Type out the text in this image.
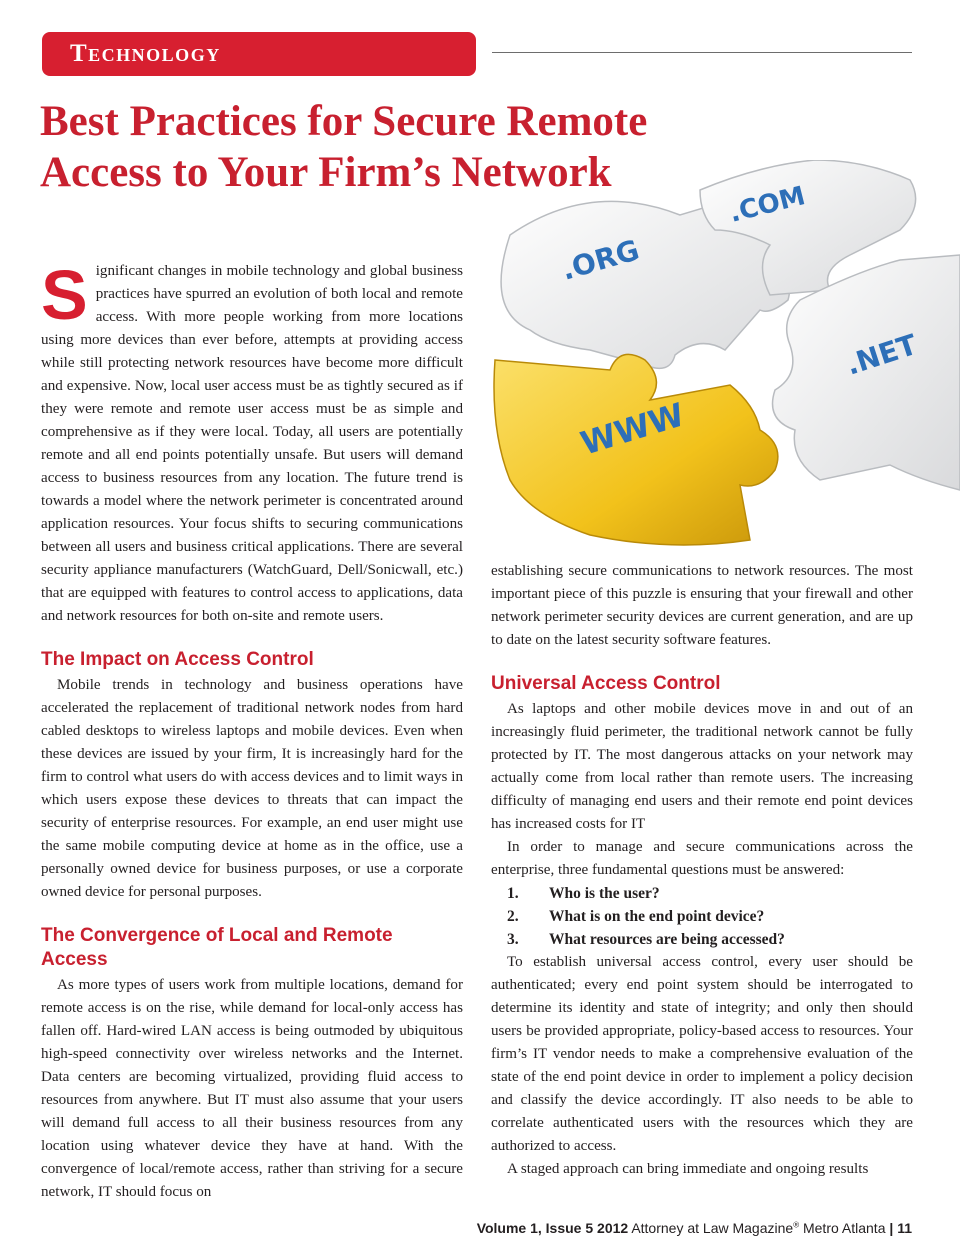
Technology
Best Practices for Secure Remote
Access to Your Firm’s Network
.ORG
.COM
.NET
WWW

Significant changes in mobile technology and global business practices have spurred an evolution of both local and remote access. With more people working from more locations using more devices than ever before, attempts at providing access while still protecting network resources have become more difficult and expensive. Now, local user access must be as tightly secured as if they were remote and remote user access must be as simple and comprehensive as if they were local. Today, all users are potentially remote and all end points potentially unsafe. But users will demand access to business resources from any location. The future trend is towards a model where the network perimeter is concentrated around application resources. Your focus shifts to securing communications between all users and business critical applications. There are several security appliance manufacturers (WatchGuard, Dell/Sonicwall, etc.) that are equipped with features to control access to applications, data and network resources for both on-site and remote users.

The Impact on Access Control

Mobile trends in technology and business operations have accelerated the replacement of traditional network nodes from hard cabled desktops to wireless laptops and mobile devices. Even when these devices are issued by your firm, It is increasingly hard for the firm to control what users do with access devices and to limit ways in which users expose these devices to threats that can impact the security of enterprise resources. For example, an end user might use the same mobile computing device at home as in the office, use a personally owned device for business purposes, or use a corporate owned device for personal purposes.

The Convergence of Local and Remote Access

As more types of users work from multiple locations, demand for remote access is on the rise, while demand for local-only access has fallen off. Hard-wired LAN access is being outmoded by ubiquitous high-speed connectivity over wireless networks and the Internet. Data centers are becoming virtualized, providing fluid access to resources from anywhere. But IT must also assume that your users will demand full access to all their business resources from any location using whatever device they have at hand. With the convergence of local/remote access, rather than striving for a secure network, IT should focus on

establishing secure communications to network resources. The most important piece of this puzzle is ensuring that your firewall and other network perimeter security devices are current generation, and are up to date on the latest security software features.

Universal Access Control

As laptops and other mobile devices move in and out of an increasingly fluid perimeter, the traditional network cannot be fully protected by IT. The most dangerous attacks on your network may actually come from local rather than remote users. The increasing difficulty of managing end users and their remote end point devices has increased costs for IT

In order to manage and secure communications across the enterprise, three fundamental questions must be answered:

1.	Who is the user?
2.	What is on the end point device?
3.	What resources are being accessed?

To establish universal access control, every user should be authenticated; every end point system should be interrogated to determine its identity and state of integrity; and only then should users be provided appropriate, policy-based access to resources. Your firm’s IT vendor needs to make a comprehensive evaluation of the state of the end point device in order to implement a policy decision and classify the device accordingly. IT also needs to be able to correlate authenticated users with the resources which they are authorized to access.

A staged approach can bring immediate and ongoing results

Volume 1, Issue 5 2012 Attorney at Law Magazine® Metro Atlanta | 11
